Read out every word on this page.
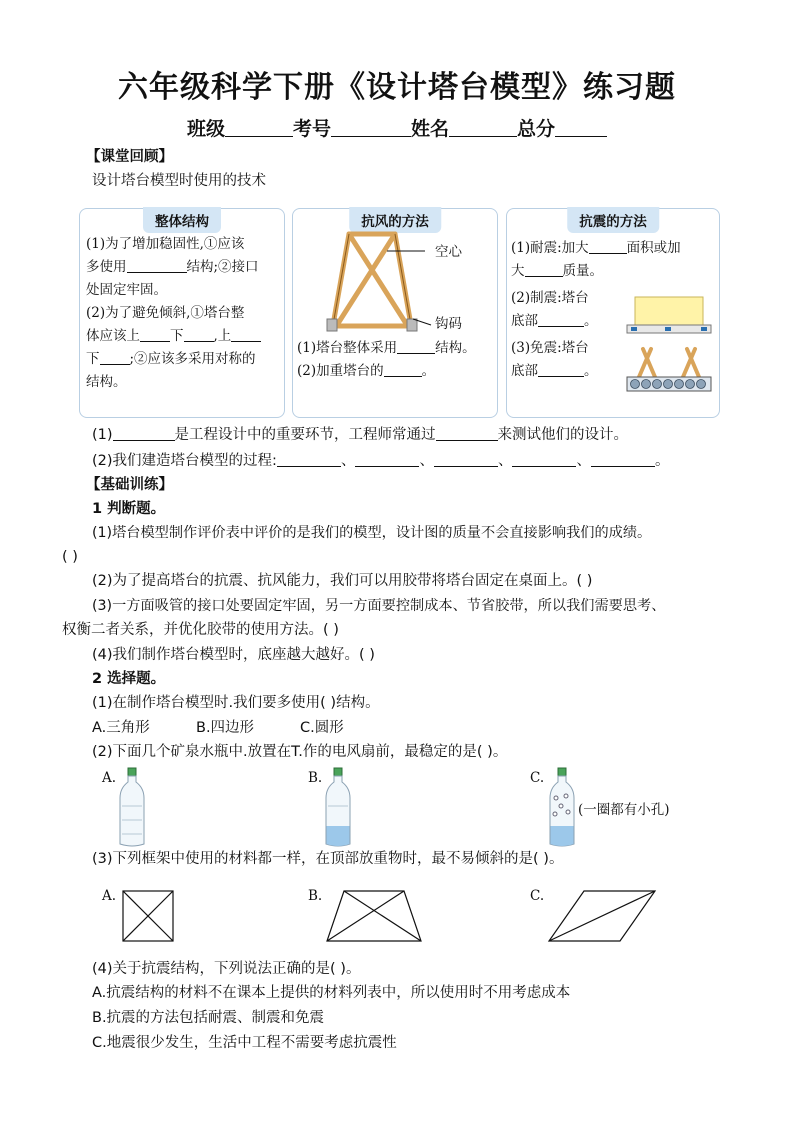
六年级科学下册《设计塔台模型》练习题
班级	考号	姓名	总分
【课堂回顾】
设计塔台模型时使用的技术
整体结构
(1)为了增加稳固性,①应该
多使用	结构;②接口
处固定牢固。
(2)为了避免倾斜,①塔台整
体应该上 下 ,上
下 ;②应该多采用对称的
结构。
抗风的方法
空心
钩码
(1)塔台整体采用	结构。
(2)加重塔台的	。
抗震的方法
(1)耐震:加大	面积或加
大	质量。
(2)制震:塔台
底部	。
(3)免震:塔台
底部	。
(1)	是工程设计中的重要环节，工程师常通过	来测试他们的设计。
(2)我们建造塔台模型的过程:	、	、	、	、	。
【基础训练】
1 判断题。
(1)塔台模型制作评价表中评价的是我们的模型，设计图的质量不会直接影响我们的成绩。
( )
(2)为了提高塔台的抗震、抗风能力，我们可以用胶带将塔台固定在桌面上。( )
(3)一方面吸管的接口处要固定牢固，另一方面要控制成本、节省胶带，所以我们需要思考、
权衡二者关系，并优化胶带的使用方法。( )
(4)我们制作塔台模型时，底座越大越好。( )
2 选择题。
(1)在制作塔台模型时.我们要多使用( )结构。
A.三角形	B.四边形	C.圆形
(2)下面几个矿泉水瓶中.放置在T.作的电风扇前，最稳定的是( )。
A.	B.	C.
(一圈都有小孔)
(3)下列框架中使用的材料都一样，在顶部放重物时，最不易倾斜的是( )。
A.	B.	C.
(4)关于抗震结构，下列说法正确的是( )。
A.抗震结构的材料不在课本上提供的材料列表中，所以使用时不用考虑成本
B.抗震的方法包括耐震、制震和免震
C.地震很少发生，生活中工程不需要考虑抗震性
